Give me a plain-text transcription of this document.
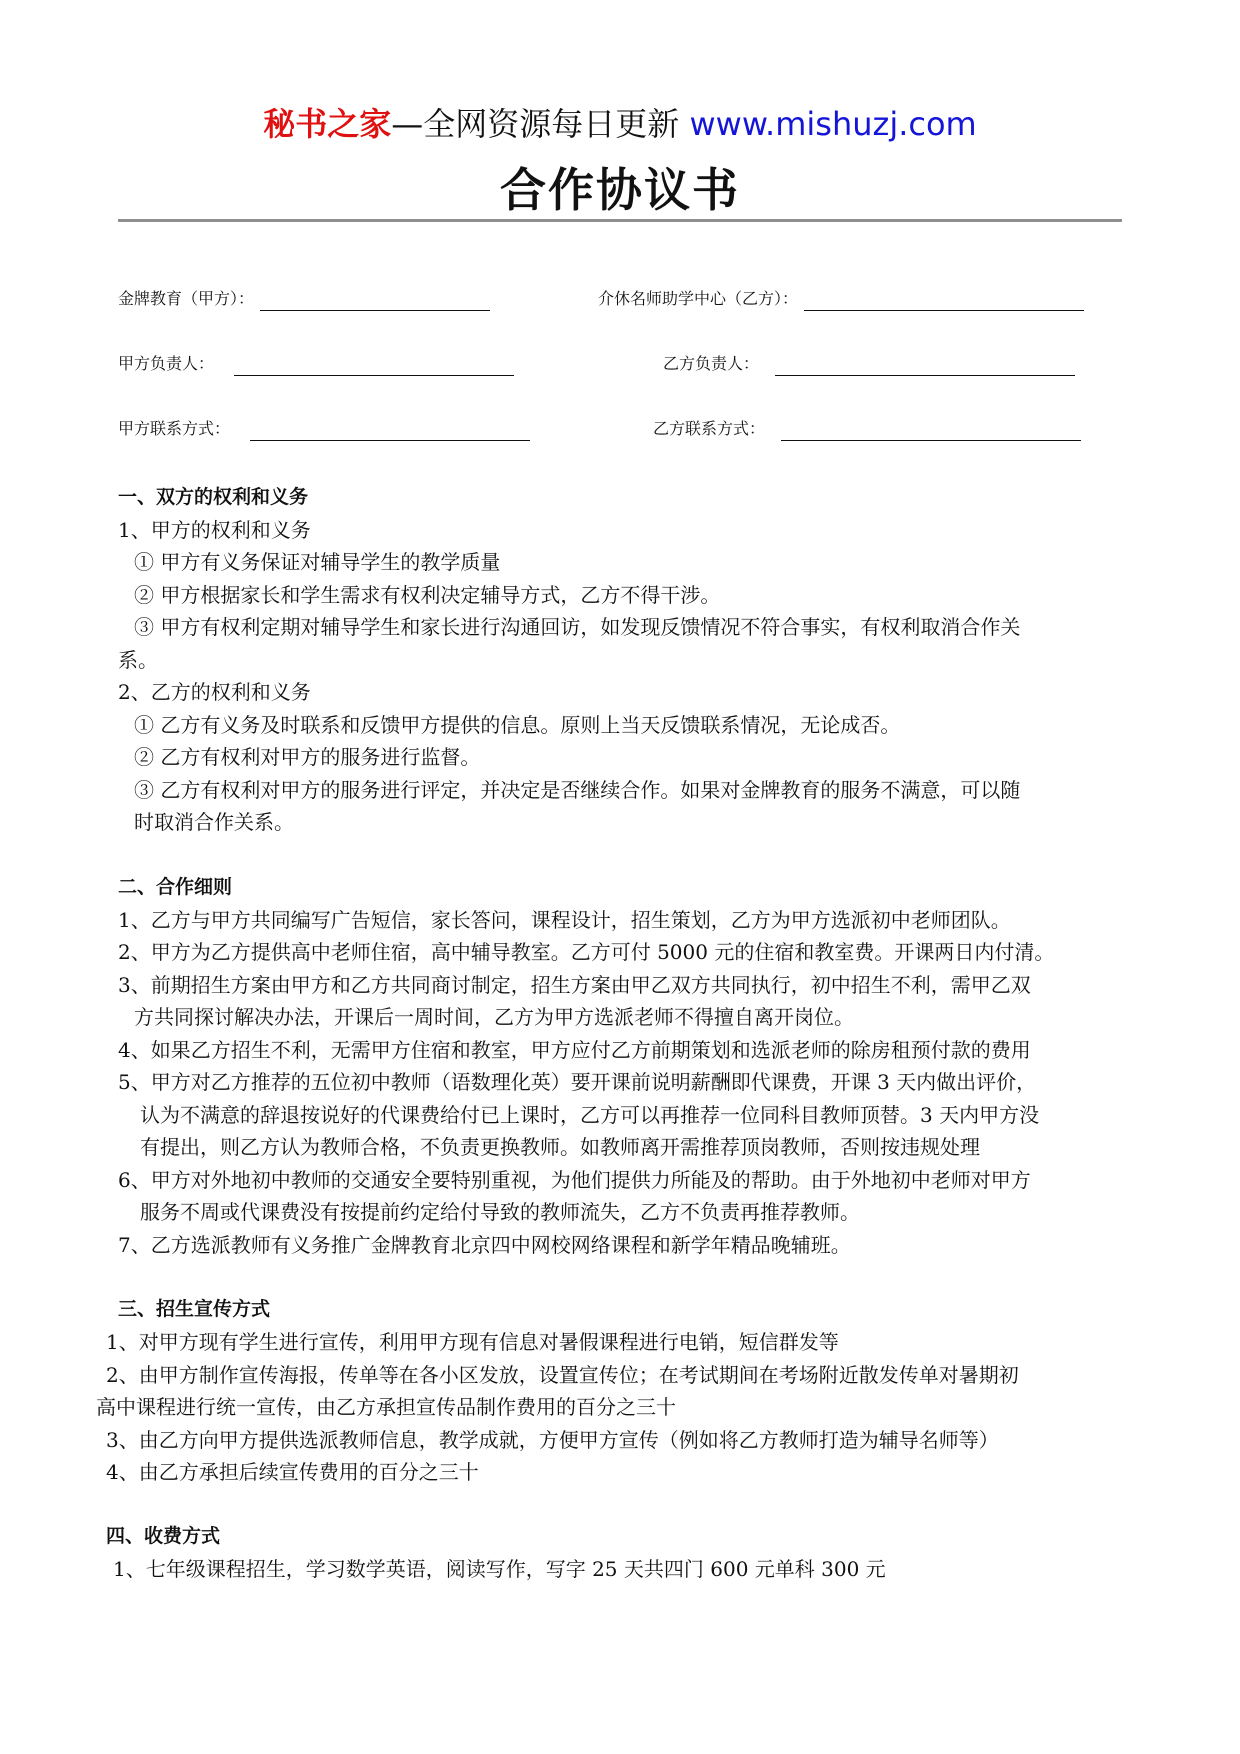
秘书之家—全网资源每日更新 www.mishuzj.com
合作协议书
金牌教育（甲方）：	介休名师助学中心（乙方）：
甲方负责人：	乙方负责人：
甲方联系方式：	乙方联系方式：
一、双方的权利和义务
1、甲方的权利和义务
① 甲方有义务保证对辅导学生的教学质量
② 甲方根据家长和学生需求有权利决定辅导方式，乙方不得干涉。
③ 甲方有权利定期对辅导学生和家长进行沟通回访，如发现反馈情况不符合事实，有权利取消合作关
系。
2、乙方的权利和义务
① 乙方有义务及时联系和反馈甲方提供的信息。原则上当天反馈联系情况，无论成否。
② 乙方有权利对甲方的服务进行监督。
③ 乙方有权利对甲方的服务进行评定，并决定是否继续合作。如果对金牌教育的服务不满意，可以随
时取消合作关系。
二、合作细则
1、乙方与甲方共同编写广告短信，家长答问，课程设计，招生策划，乙方为甲方选派初中老师团队。
2、甲方为乙方提供高中老师住宿，高中辅导教室。乙方可付 5000 元的住宿和教室费。开课两日内付清。
3、前期招生方案由甲方和乙方共同商讨制定，招生方案由甲乙双方共同执行，初中招生不利，需甲乙双
方共同探讨解决办法，开课后一周时间，乙方为甲方选派老师不得擅自离开岗位。
4、如果乙方招生不利，无需甲方住宿和教室，甲方应付乙方前期策划和选派老师的除房租预付款的费用
5、甲方对乙方推荐的五位初中教师（语数理化英）要开课前说明薪酬即代课费，开课 3 天内做出评价，
认为不满意的辞退按说好的代课费给付已上课时，乙方可以再推荐一位同科目教师顶替。3 天内甲方没
有提出，则乙方认为教师合格，不负责更换教师。如教师离开需推荐顶岗教师，否则按违规处理
6、甲方对外地初中教师的交通安全要特别重视，为他们提供力所能及的帮助。由于外地初中老师对甲方
服务不周或代课费没有按提前约定给付导致的教师流失，乙方不负责再推荐教师。
7、乙方选派教师有义务推广金牌教育北京四中网校网络课程和新学年精品晚辅班。
三、招生宣传方式
1、对甲方现有学生进行宣传，利用甲方现有信息对暑假课程进行电销，短信群发等
2、由甲方制作宣传海报，传单等在各小区发放，设置宣传位；在考试期间在考场附近散发传单对暑期初
高中课程进行统一宣传，由乙方承担宣传品制作费用的百分之三十
3、由乙方向甲方提供选派教师信息，教学成就，方便甲方宣传（例如将乙方教师打造为辅导名师等）
4、由乙方承担后续宣传费用的百分之三十
四、收费方式
1、七年级课程招生，学习数学英语，阅读写作，写字 25 天共四门 600 元单科 300 元
